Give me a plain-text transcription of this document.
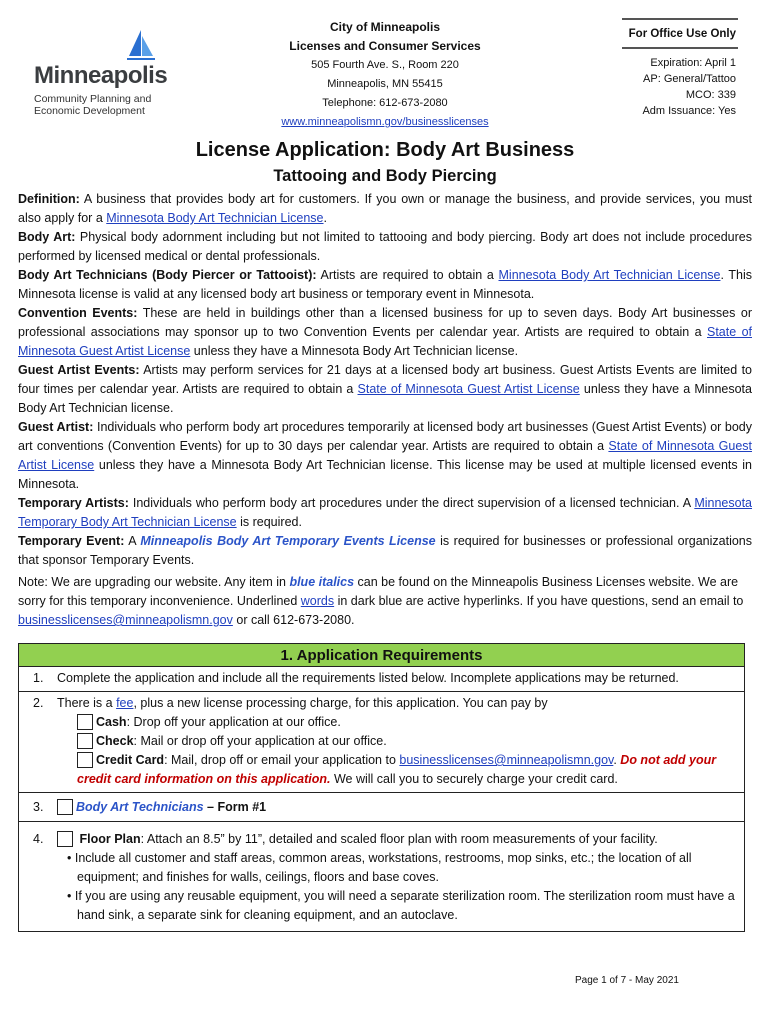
Minneapolis
Community Planning and
Economic Development
City of Minneapolis
Licenses and Consumer Services
505 Fourth Ave. S., Room 220
Minneapolis, MN 55415
Telephone: 612-673-2080
www.minneapolismn.gov/businesslicenses
For Office Use Only
Expiration: April 1
AP: General/Tattoo
MCO: 339
Adm Issuance: Yes
License Application: Body Art Business
Tattooing and Body Piercing

Definition: A business that provides body art for customers. If you own or manage the business, and provide services, you must also apply for a Minnesota Body Art Technician License.

Body Art: Physical body adornment including but not limited to tattooing and body piercing. Body art does not include procedures performed by licensed medical or dental professionals.

Body Art Technicians (Body Piercer or Tattooist): Artists are required to obtain a Minnesota Body Art Technician License. This Minnesota license is valid at any licensed body art business or temporary event in Minnesota.

Convention Events: These are held in buildings other than a licensed business for up to seven days. Body Art businesses or professional associations may sponsor up to two Convention Events per calendar year. Artists are required to obtain a State of Minnesota Guest Artist License unless they have a Minnesota Body Art Technician license.

Guest Artist Events: Artists may perform services for 21 days at a licensed body art business. Guest Artists Events are limited to four times per calendar year. Artists are required to obtain a State of Minnesota Guest Artist License unless they have a Minnesota Body Art Technician license.

Guest Artist: Individuals who perform body art procedures temporarily at licensed body art businesses (Guest Artist Events) or body art conventions (Convention Events) for up to 30 days per calendar year. Artists are required to obtain a State of Minnesota Guest Artist License unless they have a Minnesota Body Art Technician license. This license may be used at multiple licensed events in Minnesota.

Temporary Artists: Individuals who perform body art procedures under the direct supervision of a licensed technician. A Minnesota Temporary Body Art Technician License is required.

Temporary Event: A Minneapolis Body Art Temporary Events License is required for businesses or professional organizations that sponsor Temporary Events.

Note: We are upgrading our website. Any item in blue italics can be found on the Minneapolis Business Licenses website. We are sorry for this temporary inconvenience. Underlined words in dark blue are active hyperlinks. If you have questions, send an email to businesslicenses@minneapolismn.gov or call 612-673-2080.
1. Application Requirements
1. Complete the application and include all the requirements listed below. Incomplete applications may be returned.
2. There is a fee, plus a new license processing charge, for this application. You can pay by
Cash: Drop off your application at our office.
Check: Mail or drop off your application at our office.
Credit Card: Mail, drop off or email your application to businesslicenses@minneapolismn.gov. Do not add your credit card information on this application. We will call you to securely charge your credit card.
3.	Body Art Technicians – Form #1
4.	Floor Plan: Attach an 8.5” by 11”, detailed and scaled floor plan with room measurements of your facility.
• Include all customer and staff areas, common areas, workstations, restrooms, mop sinks, etc.; the location of all equipment; and finishes for walls, ceilings, floors and base coves.
• If you are using any reusable equipment, you will need a separate sterilization room. The sterilization room must have a hand sink, a separate sink for cleaning equipment, and an autoclave.
Page 1 of 7 - May 2021
